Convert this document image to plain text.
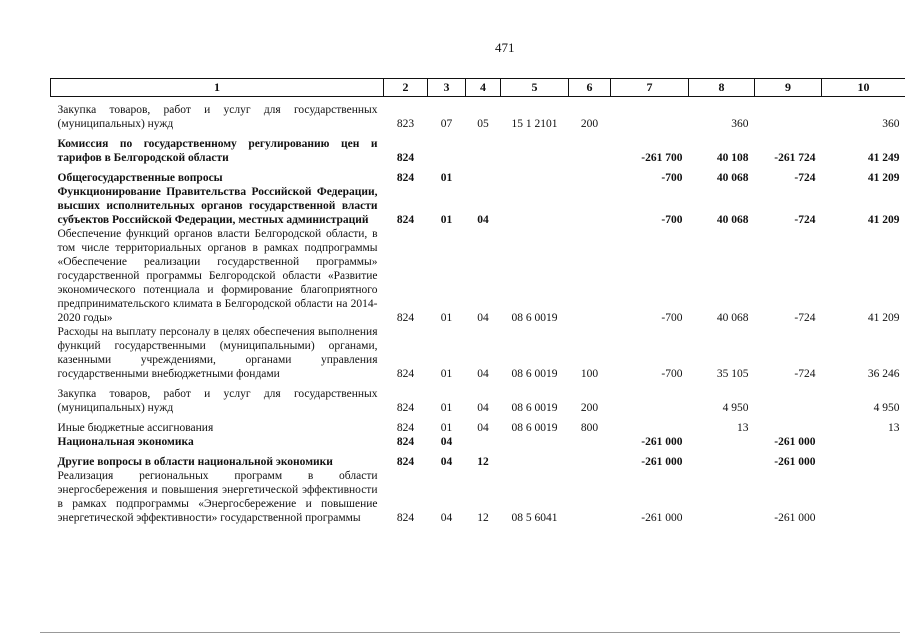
471
1	2	3	4	5	6	7	8	9	10
Закупка товаров, работ и услуг для государственных (муниципальных) нужд	823	07	05	15 1 2101	200		360		360
Комиссия по государственному регулированию цен и тарифов в Белгородской области	824					-261 700	40 108	-261 724	41 249
Общегосударственные вопросы	824	01				-700	40 068	-724	41 209
Функционирование Правительства Российской Федерации, высших исполнительных органов государственной власти субъектов Российской Федерации, местных администраций	824	01	04			-700	40 068	-724	41 209
Обеспечение функций органов власти Белгородской области, в том числе территориальных органов в рамках подпрограммы «Обеспечение реализации государственной программы» государственной программы Белгородской области «Развитие экономического потенциала и формирование благоприятного предпринимательского климата в Белгородской области на 2014-2020 годы»	824	01	04	08 6 0019		-700	40 068	-724	41 209
Расходы на выплату персоналу в целях обеспечения выполнения функций государственными (муниципальными) органами, казенными учреждениями, органами управления государственными внебюджетными фондами	824	01	04	08 6 0019	100	-700	35 105	-724	36 246
Закупка товаров, работ и услуг для государственных (муниципальных) нужд	824	01	04	08 6 0019	200		4 950		4 950
Иные бюджетные ассигнования	824	01	04	08 6 0019	800		13		13
Национальная экономика	824	04				-261 000		-261 000	
Другие вопросы в области национальной экономики	824	04	12			-261 000		-261 000	
Реализация региональных программ в области энергосбережения и повышения энергетической эффективности в рамках подпрограммы «Энергосбережение и повышение энергетической эффективности» государственной программы	824	04	12	08 5 6041		-261 000		-261 000	
